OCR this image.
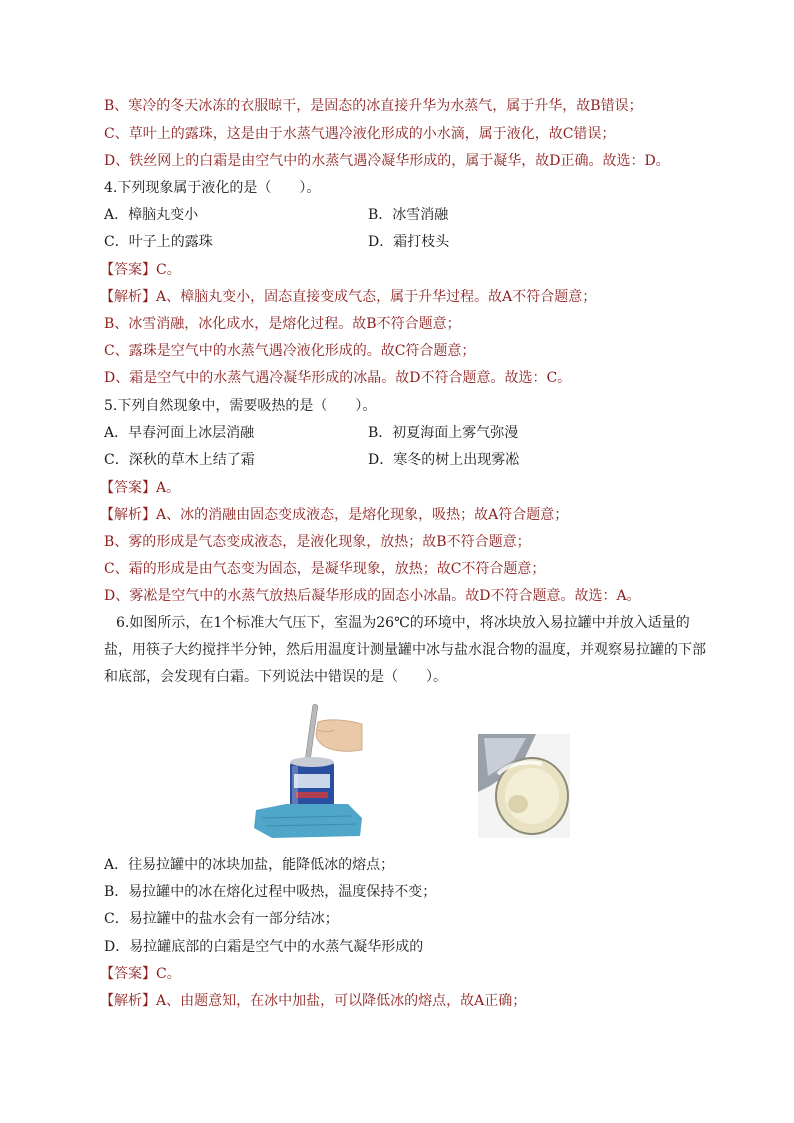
B、寒冷的冬天冰冻的衣服晾干，是固态的冰直接升华为水蒸气，属于升华，故B错误；
C、草叶上的露珠，这是由于水蒸气遇冷液化形成的小水滴，属于液化，故C错误；
D、铁丝网上的白霜是由空气中的水蒸气遇冷凝华形成的，属于凝华，故D正确。故选：D。
4.下列现象属于液化的是（　　）。
A．樟脑丸变小	B．冰雪消融
C．叶子上的露珠	D．霜打枝头
【答案】C。
【解析】A、樟脑丸变小，固态直接变成气态，属于升华过程。故A不符合题意；
B、冰雪消融，冰化成水，是熔化过程。故B不符合题意；
C、露珠是空气中的水蒸气遇冷液化形成的。故C符合题意；
D、霜是空气中的水蒸气遇冷凝华形成的冰晶。故D不符合题意。故选：C。
5.下列自然现象中，需要吸热的是（　　）。
A．早春河面上冰层消融	B．初夏海面上雾气弥漫
C．深秋的草木上结了霜	D．寒冬的树上出现雾凇
【答案】A。
【解析】A、冰的消融由固态变成液态，是熔化现象，吸热；故A符合题意；
B、雾的形成是气态变成液态，是液化现象，放热；故B不符合题意；
C、霜的形成是由气态变为固态，是凝华现象，放热；故C不符合题意；
D、雾凇是空气中的水蒸气放热后凝华形成的固态小冰晶。故D不符合题意。故选：A。
6.如图所示，在1个标准大气压下，室温为26℃的环境中，将冰块放入易拉罐中并放入适量的盐，用筷子大约搅拌半分钟，然后用温度计测量罐中冰与盐水混合物的温度，并观察易拉罐的下部和底部，会发现有白霜。下列说法中错误的是（　　）。
A．往易拉罐中的冰块加盐，能降低冰的熔点；
B．易拉罐中的冰在熔化过程中吸热，温度保持不变；
C．易拉罐中的盐水会有一部分结冰；
D．易拉罐底部的白霜是空气中的水蒸气凝华形成的
【答案】C。
【解析】A、由题意知，在冰中加盐，可以降低冰的熔点，故A正确；
